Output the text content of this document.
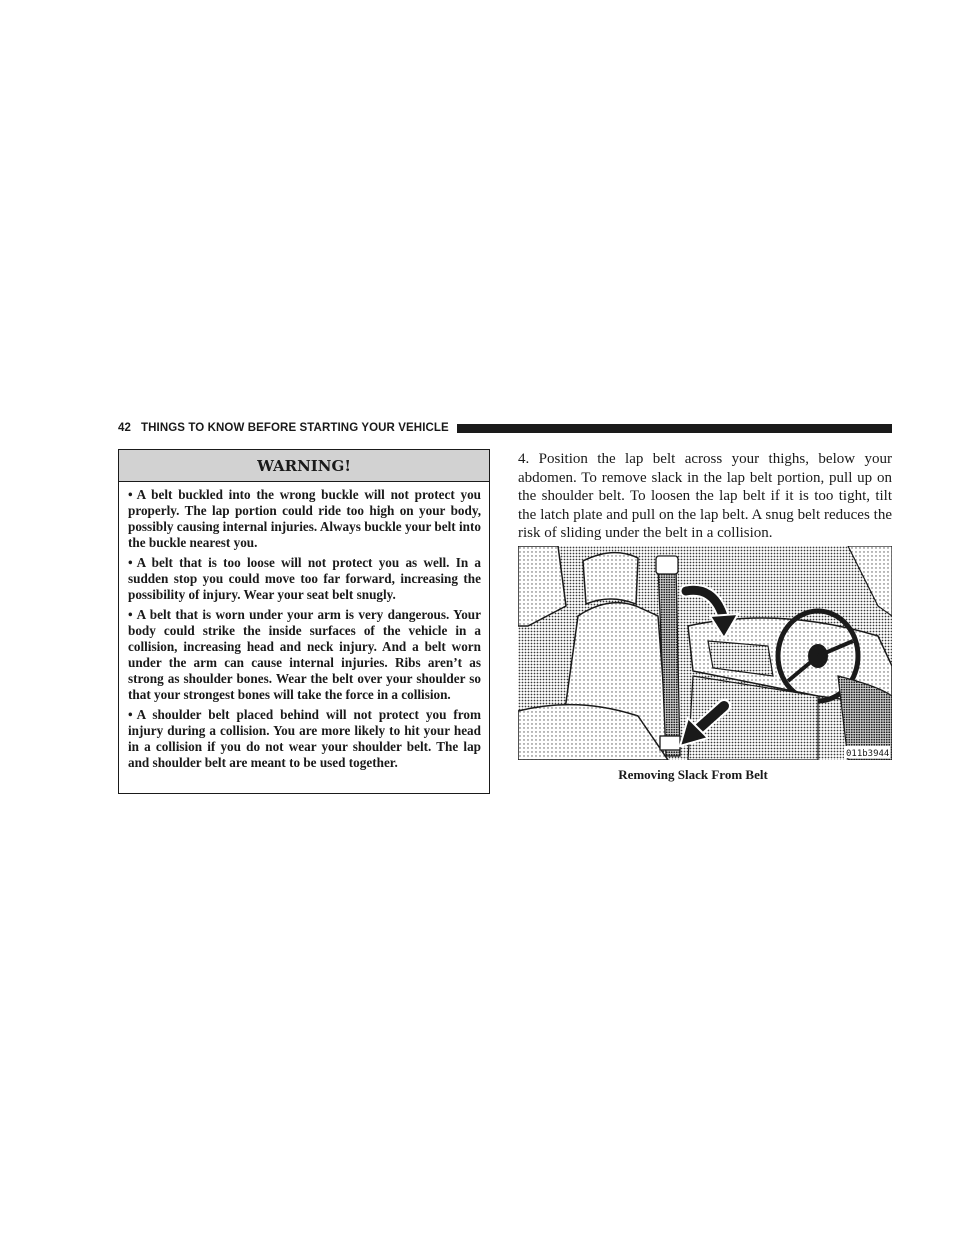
42 THINGS TO KNOW BEFORE STARTING YOUR VEHICLE
WARNING!

• A belt buckled into the wrong buckle will not protect you properly. The lap portion could ride too high on your body, possibly causing internal injuries. Always buckle your belt into the buckle nearest you.

• A belt that is too loose will not protect you as well. In a sudden stop you could move too far forward, increasing the possibility of injury. Wear your seat belt snugly.

• A belt that is worn under your arm is very dangerous. Your body could strike the inside surfaces of the vehicle in a collision, increasing head and neck injury. And a belt worn under the arm can cause internal injuries. Ribs aren’t as strong as shoulder bones. Wear the belt over your shoulder so that your strongest bones will take the force in a collision.

• A shoulder belt placed behind will not protect you from injury during a collision. You are more likely to hit your head in a collision if you do not wear your shoulder belt. The lap and shoulder belt are meant to be used together.

4. Position the lap belt across your thighs, below your abdomen. To remove slack in the lap belt portion, pull up on the shoulder belt. To loosen the lap belt if it is too tight, tilt the latch plate and pull on the lap belt. A snug belt reduces the risk of sliding under the belt in a collision.

011b3944
Removing Slack From Belt
